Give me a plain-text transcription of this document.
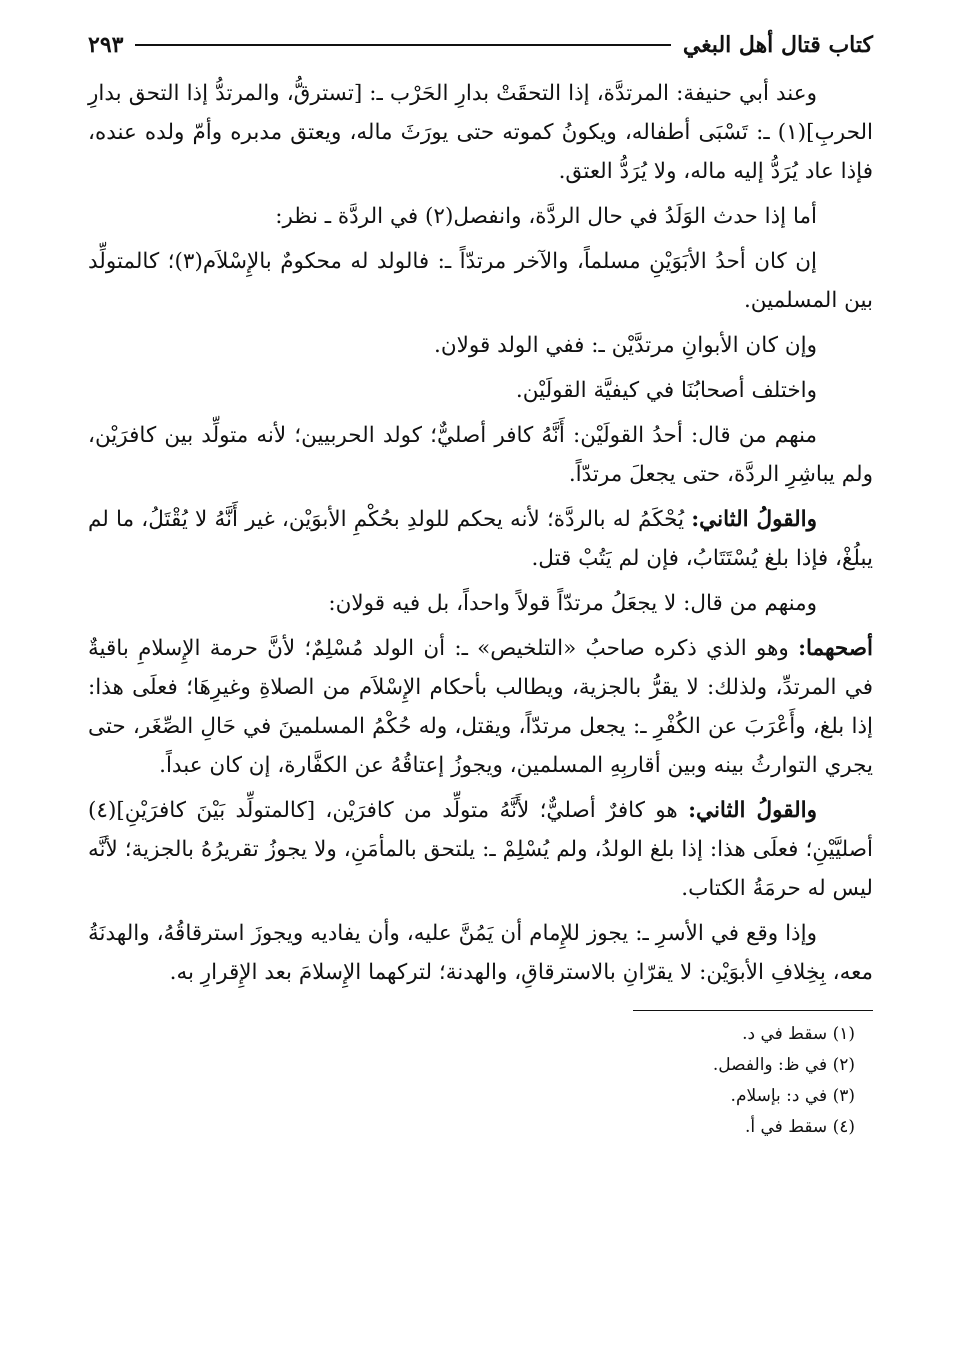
كتاب قتال أهل البغي
٢٩٣

وعند أبي حنيفة: المرتدَّة، إذا التحقَتْ بدارِ الحَرْب ـ: [تسترقُّ، والمرتدُّ إذا التحق بدارِ الحربِ](١) ـ: تَسْبَى أطفاله، ويكونُ كموته حتى يورَثَ ماله، ويعتق مدبره وأمّ ولده عنده، فإذا عاد يُرَدُّ إليه ماله، ولا يُرَدُّ العتق.

أما إذا حدث الوَلَدُ في حال الردَّة، وانفصل(٢) في الردَّة ـ نظر:

إن كان أحدُ الأبَوَيْنِ مسلماً، والآخر مرتدّاً ـ: فالولد له محكومٌ بالإِسْلاَم(٣)؛ كالمتولِّد بين المسلمين.

وإن كان الأبوانِ مرتدَّيْن ـ: ففي الولد قولان.

واختلف أصحابُنَا في كيفيَّة القولَيْن.

منهم من قال: أحدُ القولَيْن: أَنَّهُ كافر أصليٌّ؛ كولد الحربيين؛ لأنه متولِّد بين كافرَيْن، ولم يباشِرِ الردَّة، حتى يجعلَ مرتدّاً.

والقولُ الثاني: يُحْكَمُ له بالردَّة؛ لأنه يحكم للولدِ بحُكْمِ الأبوَيْن، غير أَنَّهُ لا يُقْتَلُ، ما لم يبلُغْ، فإذا بلغ يُسْتَتَابُ، فإن لم يَتُبْ قتل.

ومنهم من قال: لا يجعَلُ مرتدّاً قولاً واحداً، بل فيه قولان:

أصحهما: وهو الذي ذكره صاحبُ «التلخيص» ـ: أن الولد مُسْلِمٌ؛ لأنَّ حرمة الإِسلامِ باقيةٌ في المرتدِّ، ولذلك: لا يقرُّ بالجزية، ويطالب بأحكام الإِسْلاَم من الصلاةِ وغيرِهَا؛ فعلَى هذا: إذا بلغ، وأَعْرَبَ عن الكُفْرِ ـ: يجعل مرتدّاً، ويقتل، وله حُكْمُ المسلمينَ في حَالِ الصِّغَر، حتى يجري التوارثُ بينه وبين أقاربِهِ المسلمين، ويجوزُ إعتاقُهُ عن الكفَّارة، إن كان عبداً.

والقولُ الثاني: هو كافرٌ أصليٌّ؛ لأَنَّهُ متولِّد من كافرَيْن، [كالمتولِّد بَيْنَ كافرَيْنِ](٤) أصليَّيْنِ؛ فعلَى هذا: إذا بلغ الولدُ، ولم يُسْلِمْ ـ: يلتحق بالمأمَنِ، ولا يجوزُ تقريرُهُ بالجزية؛ لأنَّه ليس له حرمَةُ الكتاب.

وإذا وقع في الأسرِ ـ: يجوز للإِمام أن يَمُنَّ عليه، وأن يفاديه ويجوزَ استرقاقُهُ، والهدنَةُ معه، بِخِلافِ الأبوَيْن: لا يقرّانِ بالاسترقاقِ، والهدنة؛ لتركهما الإِسلامَ بعد الإِقرارِ به.

(١) سقط في د.
(٢) في ظ: والفصل.
(٣) في د: بإسلام.
(٤) سقط في أ.
